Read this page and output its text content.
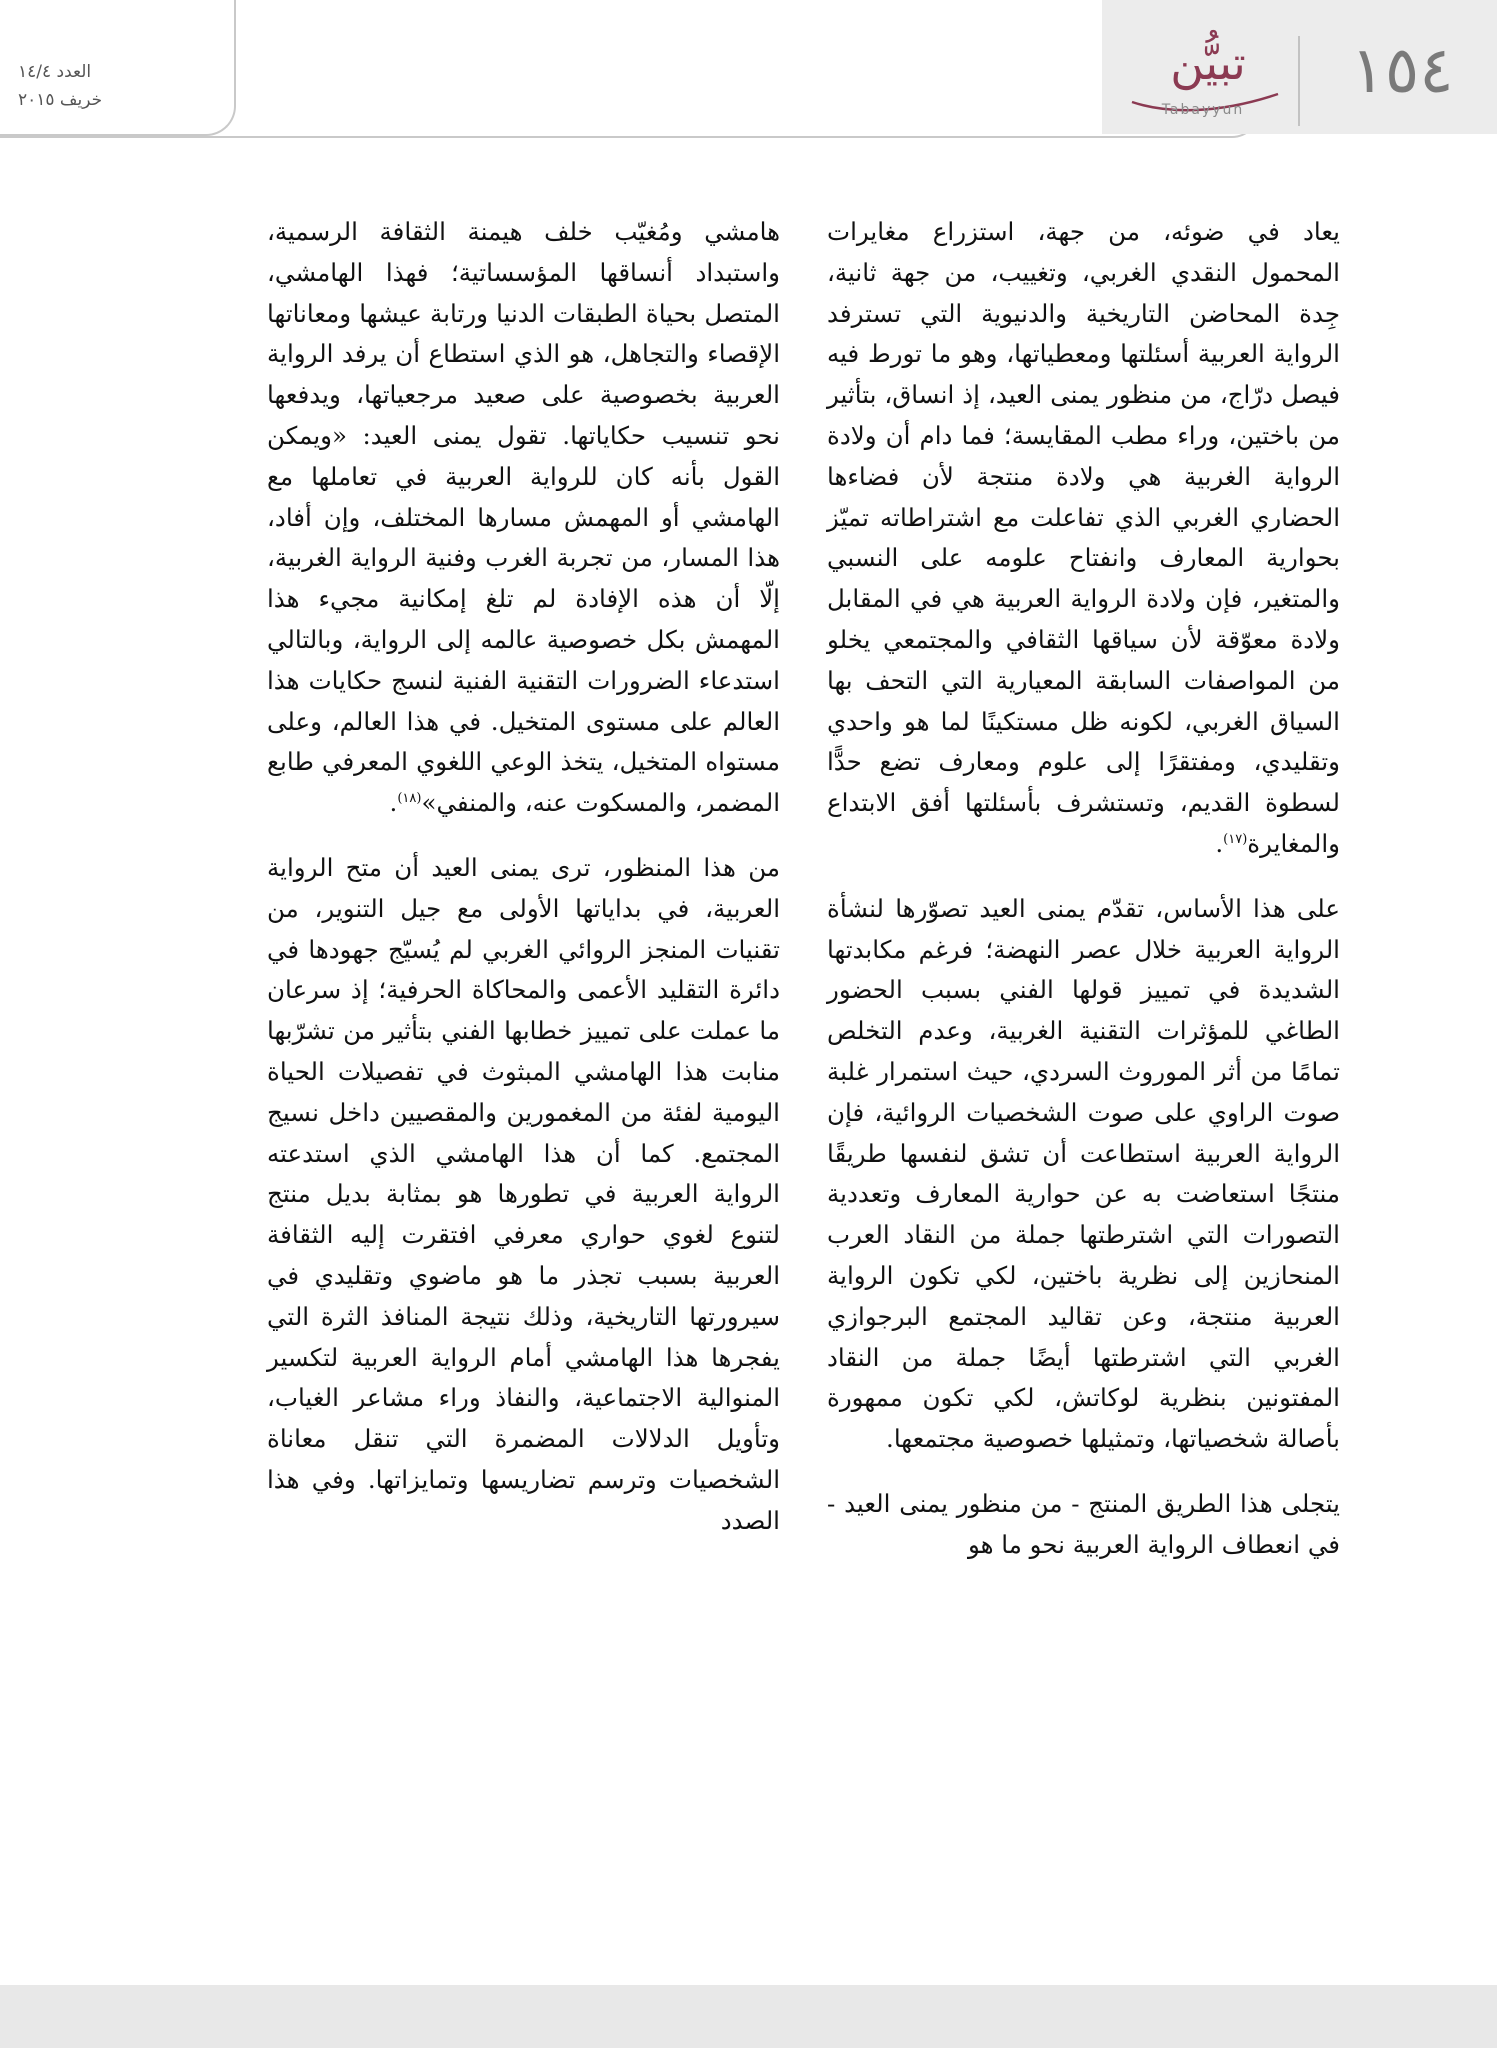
العدد ١٤/٤
خريف ٢٠١٥	١٥٤
تبيُّن
Tabayyun

يعاد في ضوئه، من جهة، استزراع مغايرات المحمول النقدي الغربي، وتغييب، من جهة ثانية، جِدة المحاضن التاريخية والدنيوية التي تسترفد الرواية العربية أسئلتها ومعطياتها، وهو ما تورط فيه فيصل درّاج، من منظور يمنى العيد، إذ انساق، بتأثير من باختين، وراء مطب المقايسة؛ فما دام أن ولادة الرواية الغربية هي ولادة منتجة لأن فضاءها الحضاري الغربي الذي تفاعلت مع اشتراطاته تميّز بحوارية المعارف وانفتاح علومه على النسبي والمتغير، فإن ولادة الرواية العربية هي في المقابل ولادة معوّقة لأن سياقها الثقافي والمجتمعي يخلو من المواصفات السابقة المعيارية التي التحف بها السياق الغربي، لكونه ظل مستكينًا لما هو واحدي وتقليدي، ومفتقرًا إلى علوم ومعارف تضع حدًّا لسطوة القديم، وتستشرف بأسئلتها أفق الابتداع والمغايرة$^{(١٧)}$.

على هذا الأساس، تقدّم يمنى العيد تصوّرها لنشأة الرواية العربية خلال عصر النهضة؛ فرغم مكابدتها الشديدة في تمييز قولها الفني بسبب الحضور الطاغي للمؤثرات التقنية الغربية، وعدم التخلص تمامًا من أثر الموروث السردي، حيث استمرار غلبة صوت الراوي على صوت الشخصيات الروائية، فإن الرواية العربية استطاعت أن تشق لنفسها طريقًا منتجًا استعاضت به عن حوارية المعارف وتعددية التصورات التي اشترطتها جملة من النقاد العرب المنحازين إلى نظرية باختين، لكي تكون الرواية العربية منتجة، وعن تقاليد المجتمع البرجوازي الغربي التي اشترطتها أيضًا جملة من النقاد المفتونين بنظرية لوكاتش، لكي تكون ممهورة بأصالة شخصياتها، وتمثيلها خصوصية مجتمعها.

يتجلى هذا الطريق المنتج - من منظور يمنى العيد - في انعطاف الرواية العربية نحو ما هو

هامشي ومُغيّب خلف هيمنة الثقافة الرسمية، واستبداد أنساقها المؤسساتية؛ فهذا الهامشي، المتصل بحياة الطبقات الدنيا ورتابة عيشها ومعاناتها الإقصاء والتجاهل، هو الذي استطاع أن يرفد الرواية العربية بخصوصية على صعيد مرجعياتها، ويدفعها نحو تنسيب حكاياتها. تقول يمنى العيد: «ويمكن القول بأنه كان للرواية العربية في تعاملها مع الهامشي أو المهمش مسارها المختلف، وإن أفاد، هذا المسار، من تجربة الغرب وفنية الرواية الغربية، إلّا أن هذه الإفادة لم تلغ إمكانية مجيء هذا المهمش بكل خصوصية عالمه إلى الرواية، وبالتالي استدعاء الضرورات التقنية الفنية لنسج حكايات هذا العالم على مستوى المتخيل. في هذا العالم، وعلى مستواه المتخيل، يتخذ الوعي اللغوي المعرفي طابع المضمر، والمسكوت عنه، والمنفي»$^{(١٨)}$.

من هذا المنظور، ترى يمنى العيد أن متح الرواية العربية، في بداياتها الأولى مع جيل التنوير، من تقنيات المنجز الروائي الغربي لم يُسيّج جهودها في دائرة التقليد الأعمى والمحاكاة الحرفية؛ إذ سرعان ما عملت على تمييز خطابها الفني بتأثير من تشرّبها منابت هذا الهامشي المبثوث في تفصيلات الحياة اليومية لفئة من المغمورين والمقصيين داخل نسيج المجتمع. كما أن هذا الهامشي الذي استدعته الرواية العربية في تطورها هو بمثابة بديل منتج لتنوع لغوي حواري معرفي افتقرت إليه الثقافة العربية بسبب تجذر ما هو ماضوي وتقليدي في سيرورتها التاريخية، وذلك نتيجة المنافذ الثرة التي يفجرها هذا الهامشي أمام الرواية العربية لتكسير المنوالية الاجتماعية، والنفاذ وراء مشاعر الغياب، وتأويل الدلالات المضمرة التي تنقل معاناة الشخصيات وترسم تضاريسها وتمايزاتها. وفي هذا الصدد
